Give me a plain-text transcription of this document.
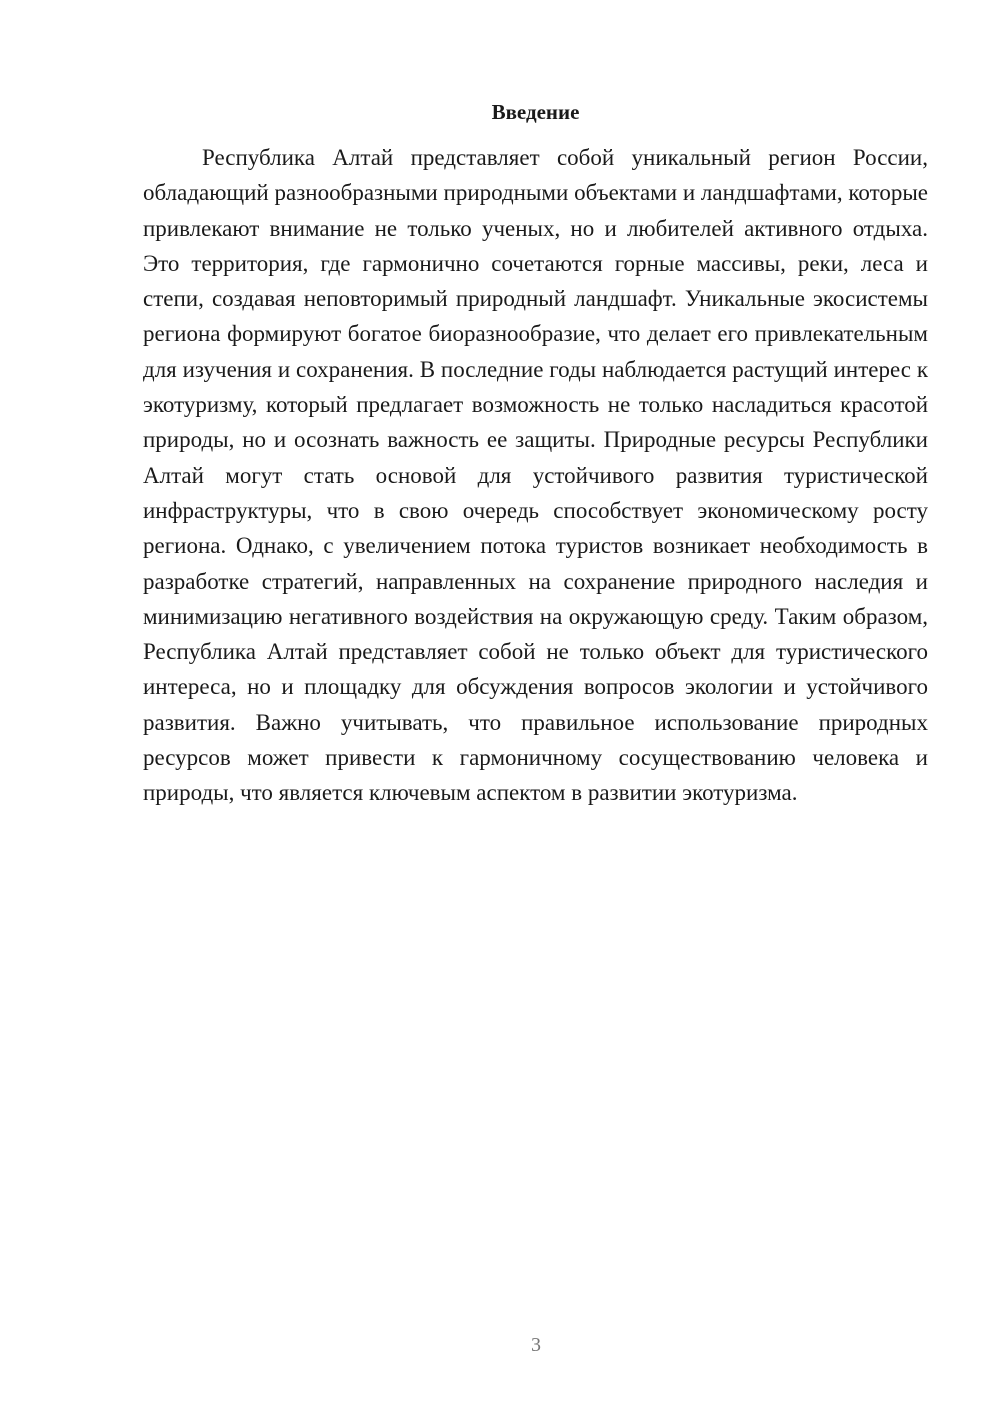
Введение

Республика Алтай представляет собой уникальный регион России, обладающий разнообразными природными объектами и ландшафтами, которые привлекают внимание не только ученых, но и любителей активного отдыха. Это территория, где гармонично сочетаются горные массивы, реки, леса и степи, создавая неповторимый природный ландшафт. Уникальные экосистемы региона формируют богатое биоразнообразие, что делает его привлекательным для изучения и сохранения. В последние годы наблюдается растущий интерес к экотуризму, который предлагает возможность не только насладиться красотой природы, но и осознать важность ее защиты. Природные ресурсы Республики Алтай могут стать основой для устойчивого развития туристической инфраструктуры, что в свою очередь способствует экономическому росту региона. Однако, с увеличением потока туристов возникает необходимость в разработке стратегий, направленных на сохранение природного наследия и минимизацию негативного воздействия на окружающую среду. Таким образом, Республика Алтай представляет собой не только объект для туристического интереса, но и площадку для обсуждения вопросов экологии и устойчивого развития. Важно учитывать, что правильное использование природных ресурсов может привести к гармоничному сосуществованию человека и природы, что является ключевым аспектом в развитии экотуризма.

3
